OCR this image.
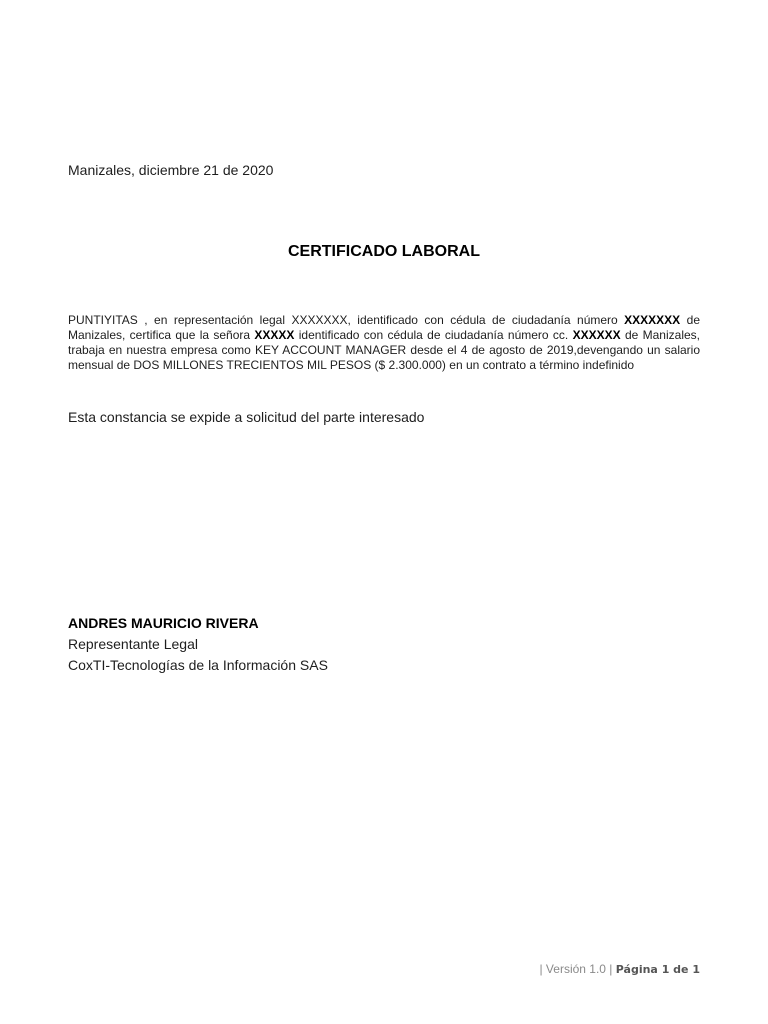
Manizales, diciembre 21 de 2020
CERTIFICADO LABORAL
PUNTIYITAS , en representación legal XXXXXXX, identificado con cédula de ciudadanía número XXXXXXX de Manizales, certifica que la señora XXXXX identificado con cédula de ciudadanía número cc. XXXXXX de Manizales, trabaja en nuestra empresa como KEY ACCOUNT MANAGER desde el 4 de agosto de 2019,devengando un salario mensual de DOS MILLONES TRECIENTOS MIL PESOS ($ 2.300.000) en un contrato a término indefinido
Esta constancia se expide a solicitud del parte interesado
ANDRES MAURICIO RIVERA
Representante Legal
CoxTI-Tecnologías de la Información SAS
| Versión 1.0 | Página 1 de 1
